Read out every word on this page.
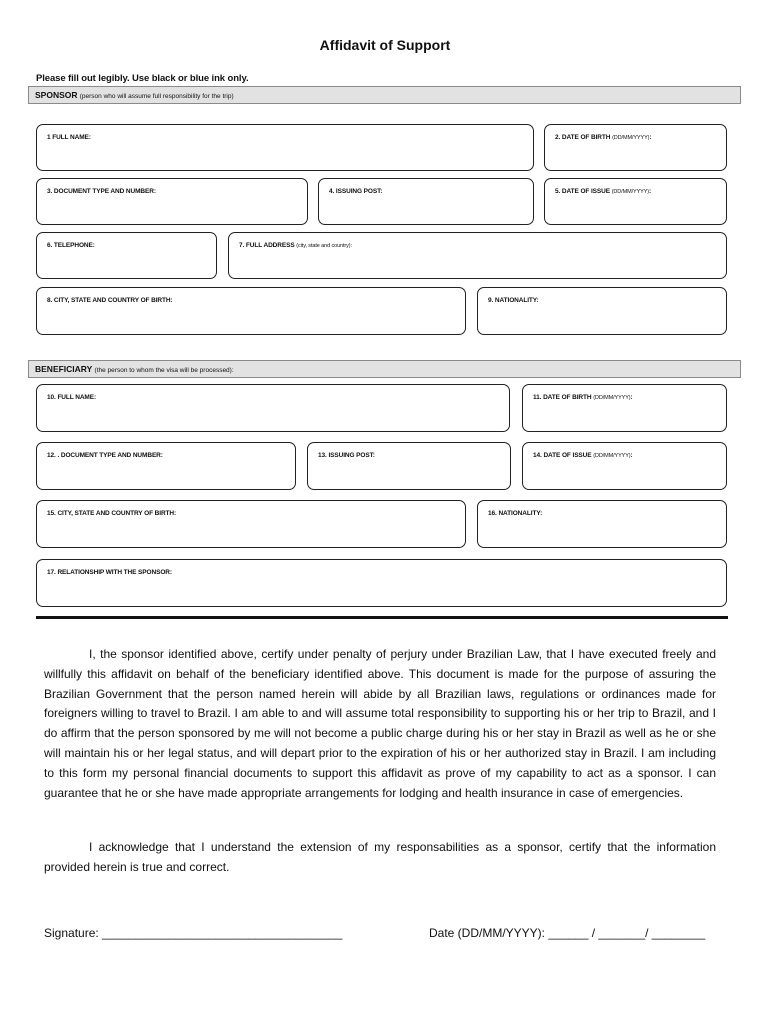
Affidavit of Support
Please fill out legibly. Use black or blue ink only.
SPONSOR (person who will assume full responsibility for the trip)
1 FULL NAME:	2. DATE OF BIRTH (DD/MM/YYYY):
3. DOCUMENT TYPE AND NUMBER:	4. ISSUING POST:	5. DATE OF ISSUE (DD/MM/YYYY):
6. TELEPHONE:	7. FULL ADDRESS (city, state and country):
8. CITY, STATE AND COUNTRY OF BIRTH:	9. NATIONALITY:
BENEFICIARY (the person to whom the visa will be processed):
10. FULL NAME:	11. DATE OF BIRTH (DD/MM/YYYY):
12. . DOCUMENT TYPE AND NUMBER:	13. ISSUING POST:	14. DATE OF ISSUE (DD/MM/YYYY):
15. CITY, STATE AND COUNTRY OF BIRTH:	16. NATIONALITY:
17. RELATIONSHIP WITH THE SPONSOR:

I, the sponsor identified above, certify under penalty of perjury under Brazilian Law, that I have executed freely and willfully this affidavit on behalf of the beneficiary identified above. This document is made for the purpose of assuring the Brazilian Government that the person named herein will abide by all Brazilian laws, regulations or ordinances made for foreigners willing to travel to Brazil. I am able to and will assume total responsibility to supporting his or her trip to Brazil, and I do affirm that the person sponsored by me will not become a public charge during his or her stay in Brazil as well as he or she will maintain his or her legal status, and will depart prior to the expiration of his or her authorized stay in Brazil. I am including to this form my personal financial documents to support this affidavit as prove of my capability to act as a sponsor. I can guarantee that he or she have made appropriate arrangements for lodging and health insurance in case of emergencies.

I acknowledge that I understand the extension of my responsabilities as a sponsor, certify that the information provided herein is true and correct.

Signature: ____________________________________	Date (DD/MM/YYYY): ______ / _______/ ________
